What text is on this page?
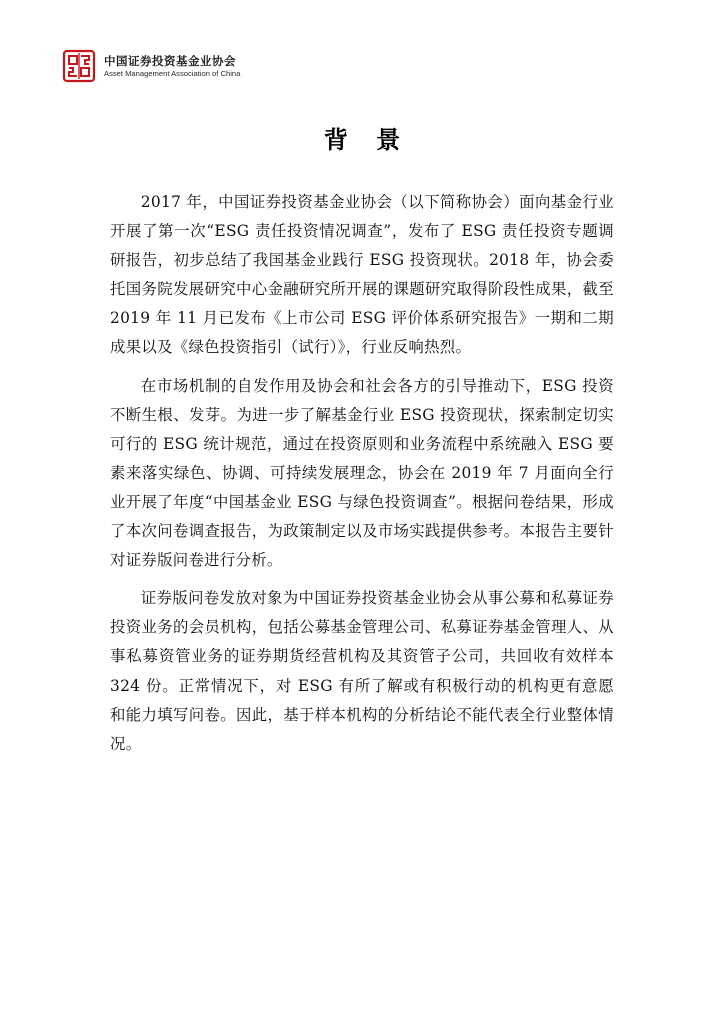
中国证券投资基金业协会
Asset Management Association of China
背 景

2017 年，中国证券投资基金业协会（以下简称协会）面向基金行业开展了第一次“ESG 责任投资情况调查”，发布了 ESG 责任投资专题调研报告，初步总结了我国基金业践行 ESG 投资现状。2018 年，协会委托国务院发展研究中心金融研究所开展的课题研究取得阶段性成果，截至 2019 年 11 月已发布《上市公司 ESG 评价体系研究报告》一期和二期成果以及《绿色投资指引（试行）》，行业反响热烈。

在市场机制的自发作用及协会和社会各方的引导推动下，ESG 投资不断生根、发芽。为进一步了解基金行业 ESG 投资现状，探索制定切实可行的 ESG 统计规范，通过在投资原则和业务流程中系统融入 ESG 要素来落实绿色、协调、可持续发展理念，协会在 2019 年 7 月面向全行业开展了年度“中国基金业 ESG 与绿色投资调查”。根据问卷结果，形成了本次问卷调查报告，为政策制定以及市场实践提供参考。本报告主要针对证券版问卷进行分析。

证券版问卷发放对象为中国证券投资基金业协会从事公募和私募证券投资业务的会员机构，包括公募基金管理公司、私募证券基金管理人、从事私募资管业务的证券期货经营机构及其资管子公司，共回收有效样本 324 份。正常情况下，对 ESG 有所了解或有积极行动的机构更有意愿和能力填写问卷。因此，基于样本机构的分析结论不能代表全行业整体情况。
